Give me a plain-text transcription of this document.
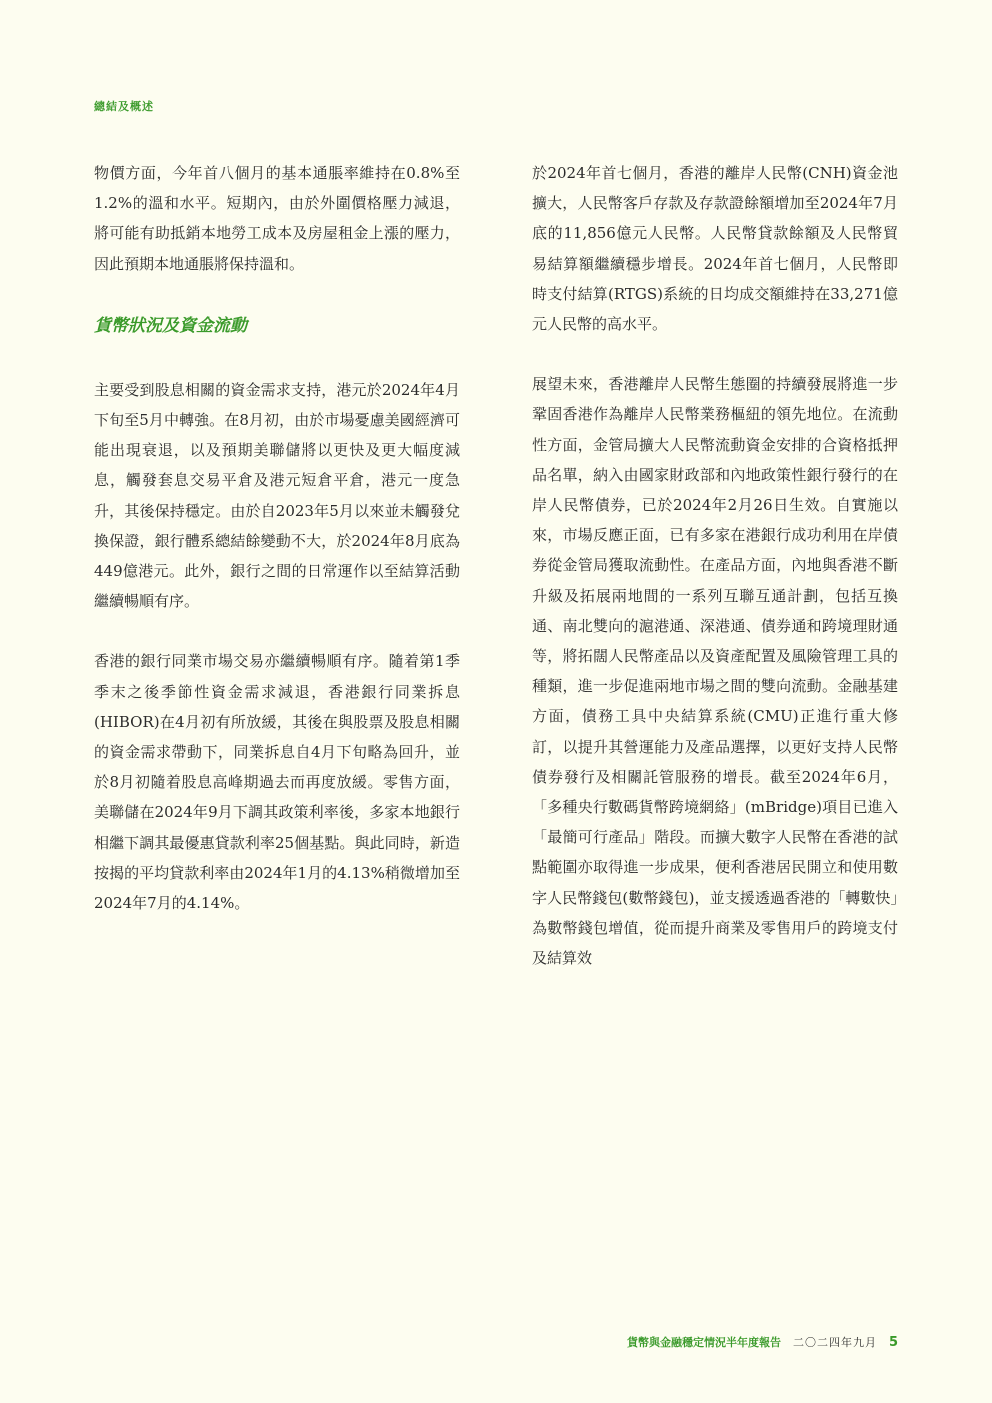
總結及概述

物價方面，今年首八個月的基本通脹率維持在0.8%至1.2%的溫和水平。短期內，由於外圍價格壓力減退，將可能有助抵銷本地勞工成本及房屋租金上漲的壓力，因此預期本地通脹將保持溫和。

貨幣狀況及資金流動

主要受到股息相關的資金需求支持，港元於2024年4月下旬至5月中轉強。在8月初，由於市場憂慮美國經濟可能出現衰退，以及預期美聯儲將以更快及更大幅度減息，觸發套息交易平倉及港元短倉平倉，港元一度急升，其後保持穩定。由於自2023年5月以來並未觸發兌換保證，銀行體系總結餘變動不大，於2024年8月底為449億港元。此外，銀行之間的日常運作以至結算活動繼續暢順有序。

香港的銀行同業市場交易亦繼續暢順有序。隨着第1季季末之後季節性資金需求減退，香港銀行同業拆息(HIBOR)在4月初有所放緩，其後在與股票及股息相關的資金需求帶動下，同業拆息自4月下旬略為回升，並於8月初隨着股息高峰期過去而再度放緩。零售方面，美聯儲在2024年9月下調其政策利率後，多家本地銀行相繼下調其最優惠貸款利率25個基點。與此同時，新造按揭的平均貸款利率由2024年1月的4.13%稍微增加至2024年7月的4.14%。

於2024年首七個月，香港的離岸人民幣(CNH)資金池擴大，人民幣客戶存款及存款證餘額增加至2024年7月底的11,856億元人民幣。人民幣貸款餘額及人民幣貿易結算額繼續穩步增長。2024年首七個月，人民幣即時支付結算(RTGS)系統的日均成交額維持在33,271億元人民幣的高水平。

展望未來，香港離岸人民幣生態圈的持續發展將進一步鞏固香港作為離岸人民幣業務樞紐的領先地位。在流動性方面，金管局擴大人民幣流動資金安排的合資格抵押品名單，納入由國家財政部和內地政策性銀行發行的在岸人民幣債券，已於2024年2月26日生效。自實施以來，市場反應正面，已有多家在港銀行成功利用在岸債券從金管局獲取流動性。在產品方面，內地與香港不斷升級及拓展兩地間的一系列互聯互通計劃，包括互換通、南北雙向的滬港通、深港通、債券通和跨境理財通等，將拓闊人民幣產品以及資產配置及風險管理工具的種類，進一步促進兩地市場之間的雙向流動。金融基建方面，債務工具中央結算系統(CMU)正進行重大修訂，以提升其營運能力及產品選擇，以更好支持人民幣債券發行及相關託管服務的增長。截至2024年6月，「多種央行數碼貨幣跨境網絡」(mBridge)項目已進入「最簡可行產品」階段。而擴大數字人民幣在香港的試點範圍亦取得進一步成果，便利香港居民開立和使用數字人民幣錢包(數幣錢包)，並支援透過香港的「轉數快」為數幣錢包增值，從而提升商業及零售用戶的跨境支付及結算效

貨幣與金融穩定情況半年度報告 二〇二四年九月 5
